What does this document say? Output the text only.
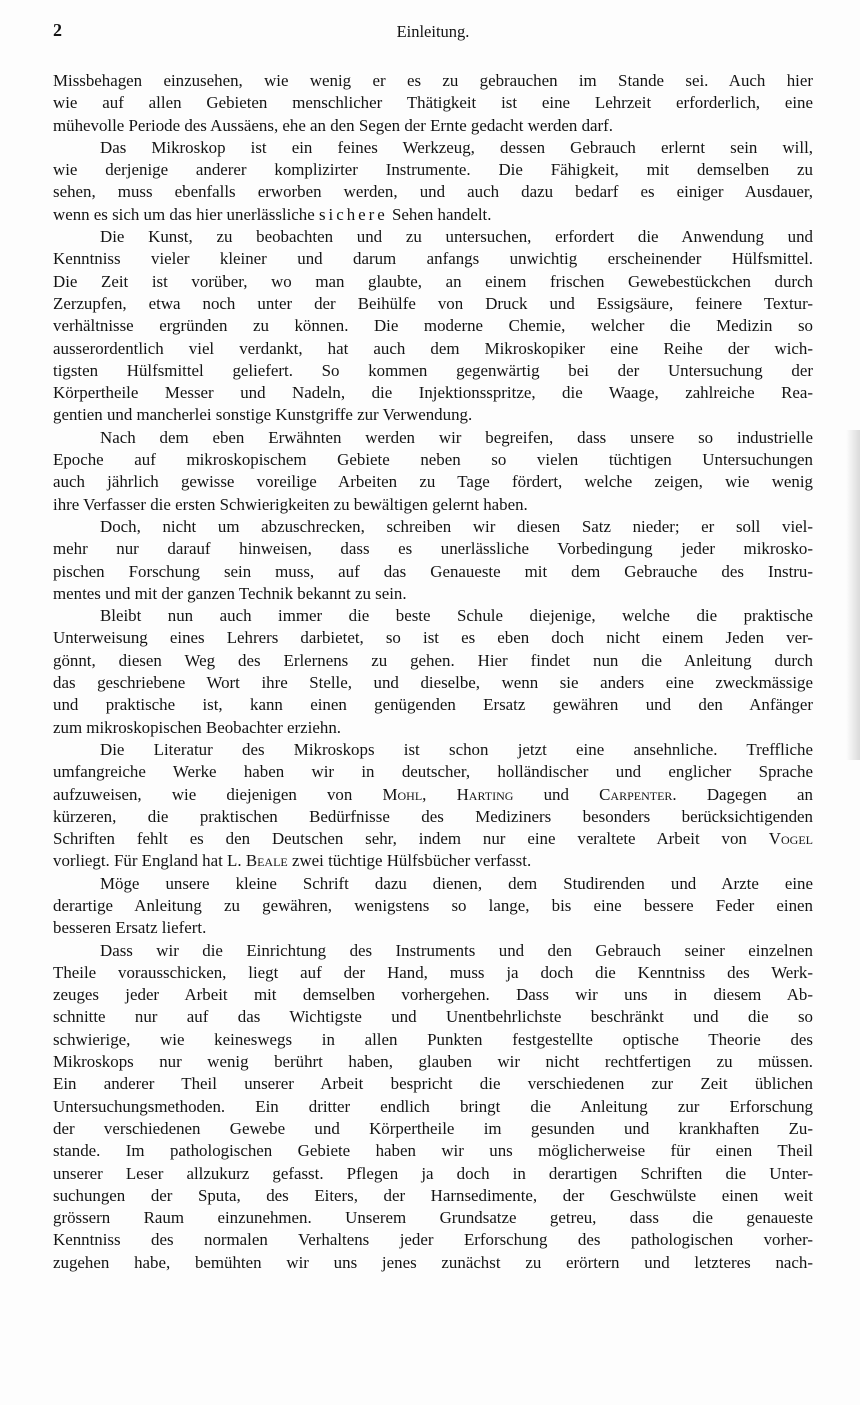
2	Einleitung.
Missbehagen einzusehen, wie wenig er es zu gebrauchen im Stande sei. Auch hier
wie auf allen Gebieten menschlicher Thätigkeit ist eine Lehrzeit erforderlich, eine
mühevolle Periode des Aussäens, ehe an den Segen der Ernte gedacht werden darf.
Das Mikroskop ist ein feines Werkzeug, dessen Gebrauch erlernt sein will,
wie derjenige anderer komplizirter Instrumente. Die Fähigkeit, mit demselben zu
sehen, muss ebenfalls erworben werden, und auch dazu bedarf es einiger Ausdauer,
wenn es sich um das hier unerlässliche sichere Sehen handelt.
Die Kunst, zu beobachten und zu untersuchen, erfordert die Anwendung und
Kenntniss vieler kleiner und darum anfangs unwichtig erscheinender Hülfsmittel.
Die Zeit ist vorüber, wo man glaubte, an einem frischen Gewebestückchen durch
Zerzupfen, etwa noch unter der Beihülfe von Druck und Essigsäure, feinere Textur-
verhältnisse ergründen zu können. Die moderne Chemie, welcher die Medizin so
ausserordentlich viel verdankt, hat auch dem Mikroskopiker eine Reihe der wich-
tigsten Hülfsmittel geliefert. So kommen gegenwärtig bei der Untersuchung der
Körpertheile Messer und Nadeln, die Injektionsspritze, die Waage, zahlreiche Rea-
gentien und mancherlei sonstige Kunstgriffe zur Verwendung.
Nach dem eben Erwähnten werden wir begreifen, dass unsere so industrielle
Epoche auf mikroskopischem Gebiete neben so vielen tüchtigen Untersuchungen
auch jährlich gewisse voreilige Arbeiten zu Tage fördert, welche zeigen, wie wenig
ihre Verfasser die ersten Schwierigkeiten zu bewältigen gelernt haben.
Doch, nicht um abzuschrecken, schreiben wir diesen Satz nieder; er soll viel-
mehr nur darauf hinweisen, dass es unerlässliche Vorbedingung jeder mikrosko-
pischen Forschung sein muss, auf das Genaueste mit dem Gebrauche des Instru-
mentes und mit der ganzen Technik bekannt zu sein.
Bleibt nun auch immer die beste Schule diejenige, welche die praktische
Unterweisung eines Lehrers darbietet, so ist es eben doch nicht einem Jeden ver-
gönnt, diesen Weg des Erlernens zu gehen. Hier findet nun die Anleitung durch
das geschriebene Wort ihre Stelle, und dieselbe, wenn sie anders eine zweckmässige
und praktische ist, kann einen genügenden Ersatz gewähren und den Anfänger
zum mikroskopischen Beobachter erziehn.
Die Literatur des Mikroskops ist schon jetzt eine ansehnliche. Treffliche
umfangreiche Werke haben wir in deutscher, holländischer und englicher Sprache
aufzuweisen, wie diejenigen von Mohl, Harting und Carpenter. Dagegen an
kürzeren, die praktischen Bedürfnisse des Mediziners besonders berücksichtigenden
Schriften fehlt es den Deutschen sehr, indem nur eine veraltete Arbeit von Vogel
vorliegt. Für England hat L. Beale zwei tüchtige Hülfsbücher verfasst.
Möge unsere kleine Schrift dazu dienen, dem Studirenden und Arzte eine
derartige Anleitung zu gewähren, wenigstens so lange, bis eine bessere Feder einen
besseren Ersatz liefert.
Dass wir die Einrichtung des Instruments und den Gebrauch seiner einzelnen
Theile vorausschicken, liegt auf der Hand, muss ja doch die Kenntniss des Werk-
zeuges jeder Arbeit mit demselben vorhergehen. Dass wir uns in diesem Ab-
schnitte nur auf das Wichtigste und Unentbehrlichste beschränkt und die so
schwierige, wie keineswegs in allen Punkten festgestellte optische Theorie des
Mikroskops nur wenig berührt haben, glauben wir nicht rechtfertigen zu müssen.
Ein anderer Theil unserer Arbeit bespricht die verschiedenen zur Zeit üblichen
Untersuchungsmethoden. Ein dritter endlich bringt die Anleitung zur Erforschung
der verschiedenen Gewebe und Körpertheile im gesunden und krankhaften Zu-
stande. Im pathologischen Gebiete haben wir uns möglicherweise für einen Theil
unserer Leser allzukurz gefasst. Pflegen ja doch in derartigen Schriften die Unter-
suchungen der Sputa, des Eiters, der Harnsedimente, der Geschwülste einen weit
grössern Raum einzunehmen. Unserem Grundsatze getreu, dass die genaueste
Kenntniss des normalen Verhaltens jeder Erforschung des pathologischen vorher-
zugehen habe, bemühten wir uns jenes zunächst zu erörtern und letzteres nach-
